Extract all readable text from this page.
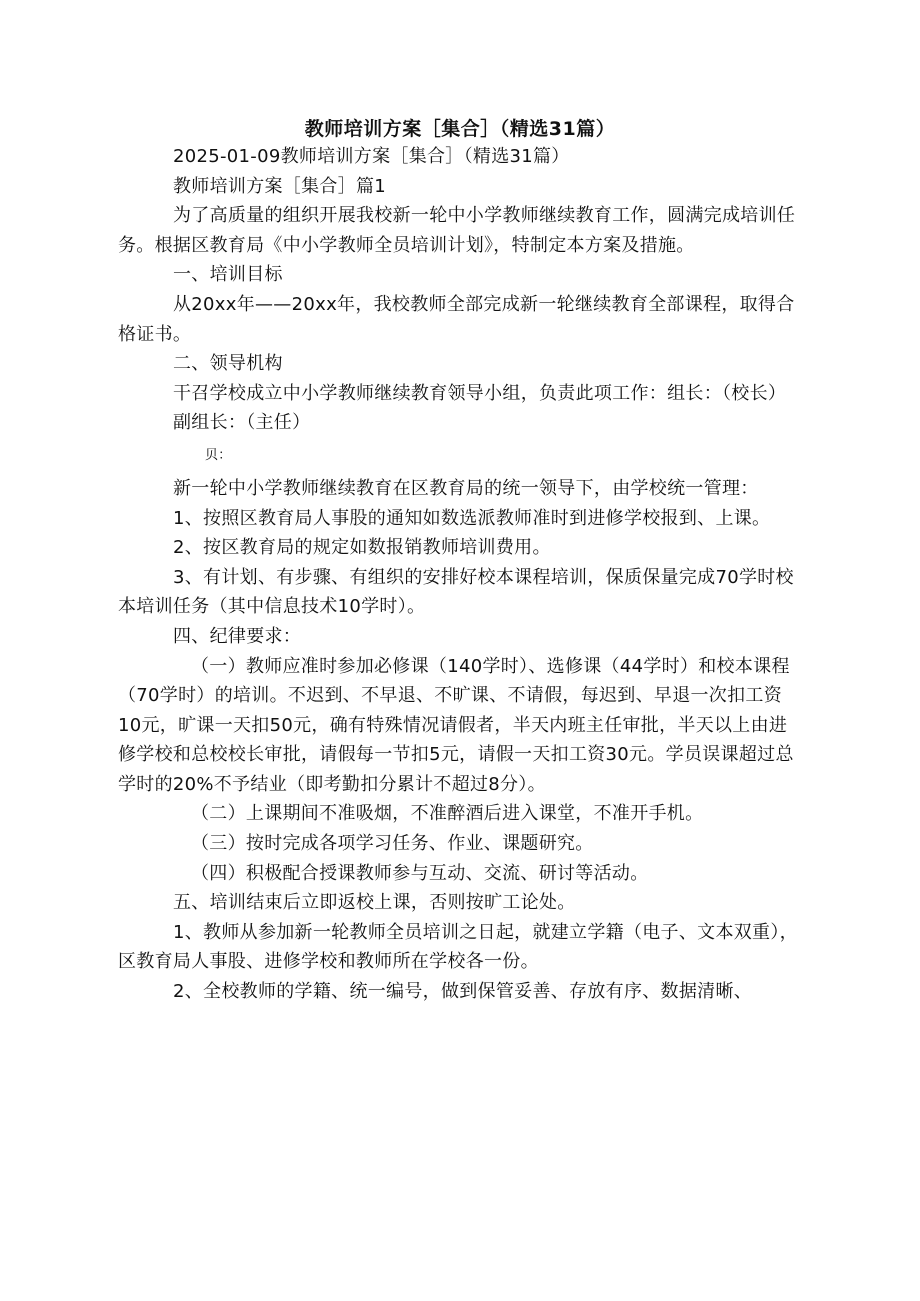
教师培训方案［集合］（精选31篇）

2025-01-09教师培训方案［集合］（精选31篇）

教师培训方案［集合］篇1

为了高质量的组织开展我校新一轮中小学教师继续教育工作，圆满完成培训任务。根据区教育局《中小学教师全员培训计划》，特制定本方案及措施。

一、培训目标

从20xx年——20xx年，我校教师全部完成新一轮继续教育全部课程，取得合格证书。

二、领导机构

干召学校成立中小学教师继续教育领导小组，负责此项工作：组长：（校长）

副组长：（主任）

贝：

新一轮中小学教师继续教育在区教育局的统一领导下，由学校统一管理：

1、按照区教育局人事股的通知如数选派教师准时到进修学校报到、上课。

2、按区教育局的规定如数报销教师培训费用。

3、有计划、有步骤、有组织的安排好校本课程培训，保质保量完成70学时校本培训任务（其中信息技术10学时）。

四、纪律要求：

（一）教师应准时参加必修课（140学时）、选修课（44学时）和校本课程（70学时）的培训。不迟到、不早退、不旷课、不请假，每迟到、早退一次扣工资10元，旷课一天扣50元，确有特殊情况请假者，半天内班主任审批，半天以上由进修学校和总校校长审批，请假每一节扣5元，请假一天扣工资30元。学员误课超过总学时的20%不予结业（即考勤扣分累计不超过8分）。

（二）上课期间不准吸烟，不准醉酒后进入课堂，不准开手机。

（三）按时完成各项学习任务、作业、课题研究。

（四）积极配合授课教师参与互动、交流、研讨等活动。

五、培训结束后立即返校上课，否则按旷工论处。

1、教师从参加新一轮教师全员培训之日起，就建立学籍（电子、文本双重），区教育局人事股、进修学校和教师所在学校各一份。

2、全校教师的学籍、统一编号，做到保管妥善、存放有序、数据清晰、
